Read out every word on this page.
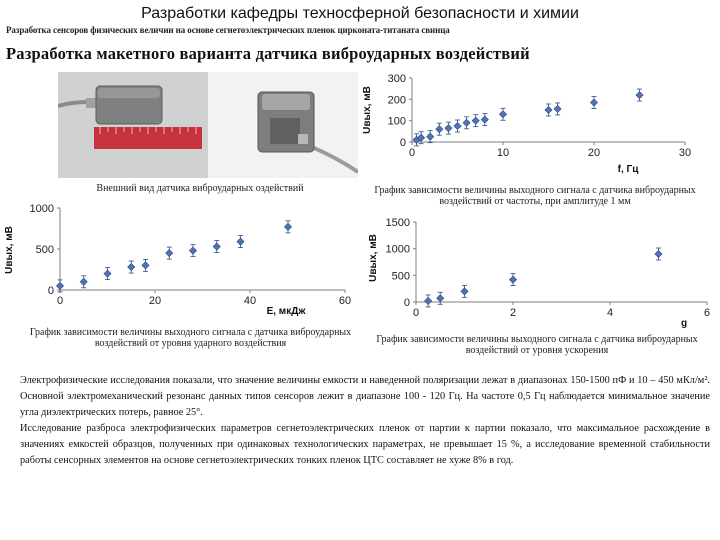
Разработки кафедры техносферной безопасности и химии
Разработка сенсоров физических величин на основе сегнетоэлектрических пленок цирконата-титаната свинца
Разработка макетного варианта датчика виброударных воздействий
Внешний вид датчика виброударных оздействий
0
100
200
300
0	10	20	30
Uвых, мВ
f, Гц
График зависимости величины выходного сигнала с датчика виброударных воздействий от частоты, при амплитуде 1 мм
0
500
1000
0	20	40	60
Uвых, мВ
E, мкДж
График зависимости величины выходного сигнала с датчика виброударных воздействий от уровня ударного воздействия
0
500
1000
1500
0	2	4	6
Uвых, мВ
g
График зависимости величины выходного сигнала с датчика виброударных воздействий от уровня ускорения

Электрофизические исследования показали, что значение величины емкости и наведенной поляризации лежат в диапазонах 150-1500 пФ и 10 – 450 мКл/м². Основной электромеханический резонанс данных типов сенсоров лежит в диапазоне 100 - 120 Гц. На частоте 0,5 Гц наблюдается минимальное значение угла диэлектрических потерь, равное 25°.

Исследование разброса электрофизических параметров сегнетоэлектрических пленок от партии к партии показало, что максимальное расхождение в значениях емкостей образцов, полученных при одинаковых технологических параметрах, не превышает 15 %, а исследование временной стабильности работы сенсорных элементов на основе сегнетоэлектрических тонких пленок ЦТС составляет не хуже 8% в год.
